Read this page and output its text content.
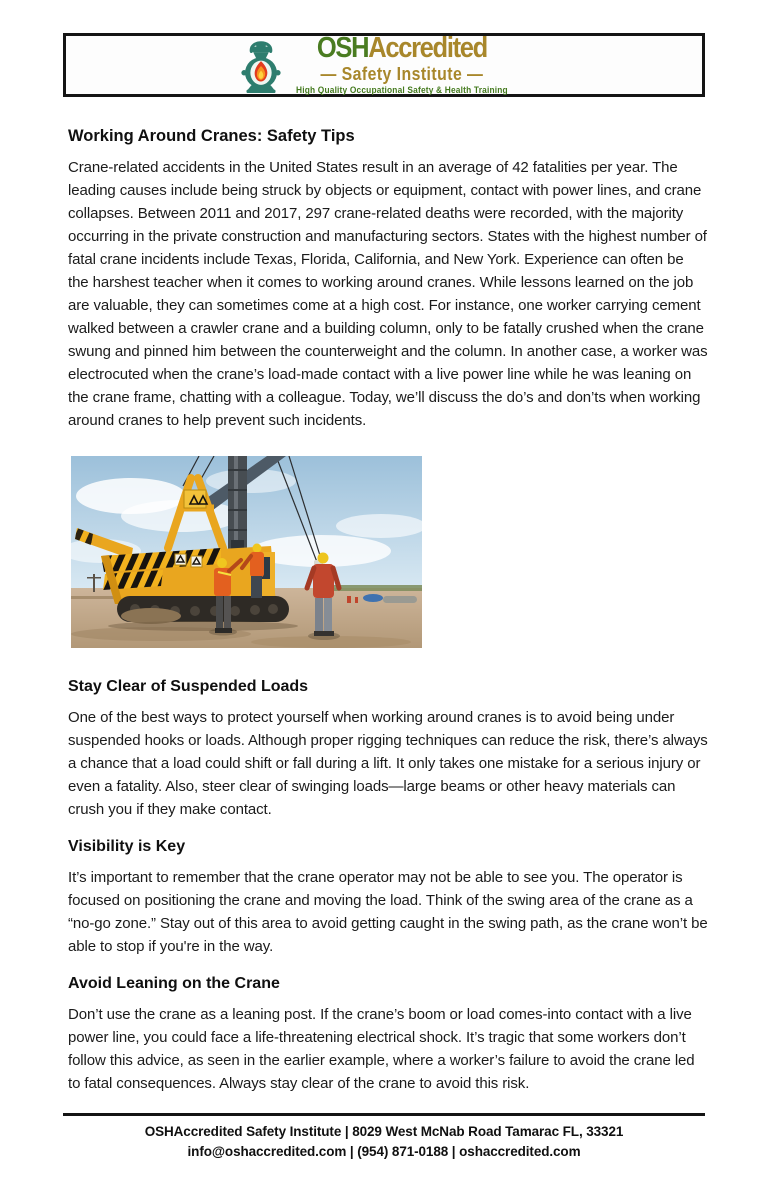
OSHAccredited
— Safety Institute —
High Quality Occupational Safety & Health Training
Working Around Cranes: Safety Tips

Crane-related accidents in the United States result in an average of 42 fatalities per year. The leading causes include being struck by objects or equipment, contact with power lines, and crane collapses. Between 2011 and 2017, 297 crane-related deaths were recorded, with the majority occurring in the private construction and manufacturing sectors. States with the highest number of fatal crane incidents include Texas, Florida, California, and New York. Experience can often be the harshest teacher when it comes to working around cranes. While lessons learned on the job are valuable, they can sometimes come at a high cost. For instance, one worker carrying cement walked between a crawler crane and a building column, only to be fatally crushed when the crane swung and pinned him between the counterweight and the column. In another case, a worker was electrocuted when the crane’s load-made contact with a live power line while he was leaning on the crane frame, chatting with a colleague. Today, we’ll discuss the do’s and don’ts when working around cranes to help prevent such incidents.

Stay Clear of Suspended Loads

One of the best ways to protect yourself when working around cranes is to avoid being under suspended hooks or loads. Although proper rigging techniques can reduce the risk, there’s always a chance that a load could shift or fall during a lift. It only takes one mistake for a serious injury or even a fatality. Also, steer clear of swinging loads—large beams or other heavy materials can crush you if they make contact.

Visibility is Key

It’s important to remember that the crane operator may not be able to see you. The operator is focused on positioning the crane and moving the load. Think of the swing area of the crane as a “no-go zone.” Stay out of this area to avoid getting caught in the swing path, as the crane won’t be able to stop if you're in the way.

Avoid Leaning on the Crane

Don’t use the crane as a leaning post. If the crane’s boom or load comes-into contact with a live power line, you could face a life-threatening electrical shock. It’s tragic that some workers don’t follow this advice, as seen in the earlier example, where a worker’s failure to avoid the crane led to fatal consequences. Always stay clear of the crane to avoid this risk.

OSHAccredited Safety Institute | 8029 West McNab Road Tamarac FL, 33321
info@oshaccredited.com | (954) 871-0188 | oshaccredited.com
